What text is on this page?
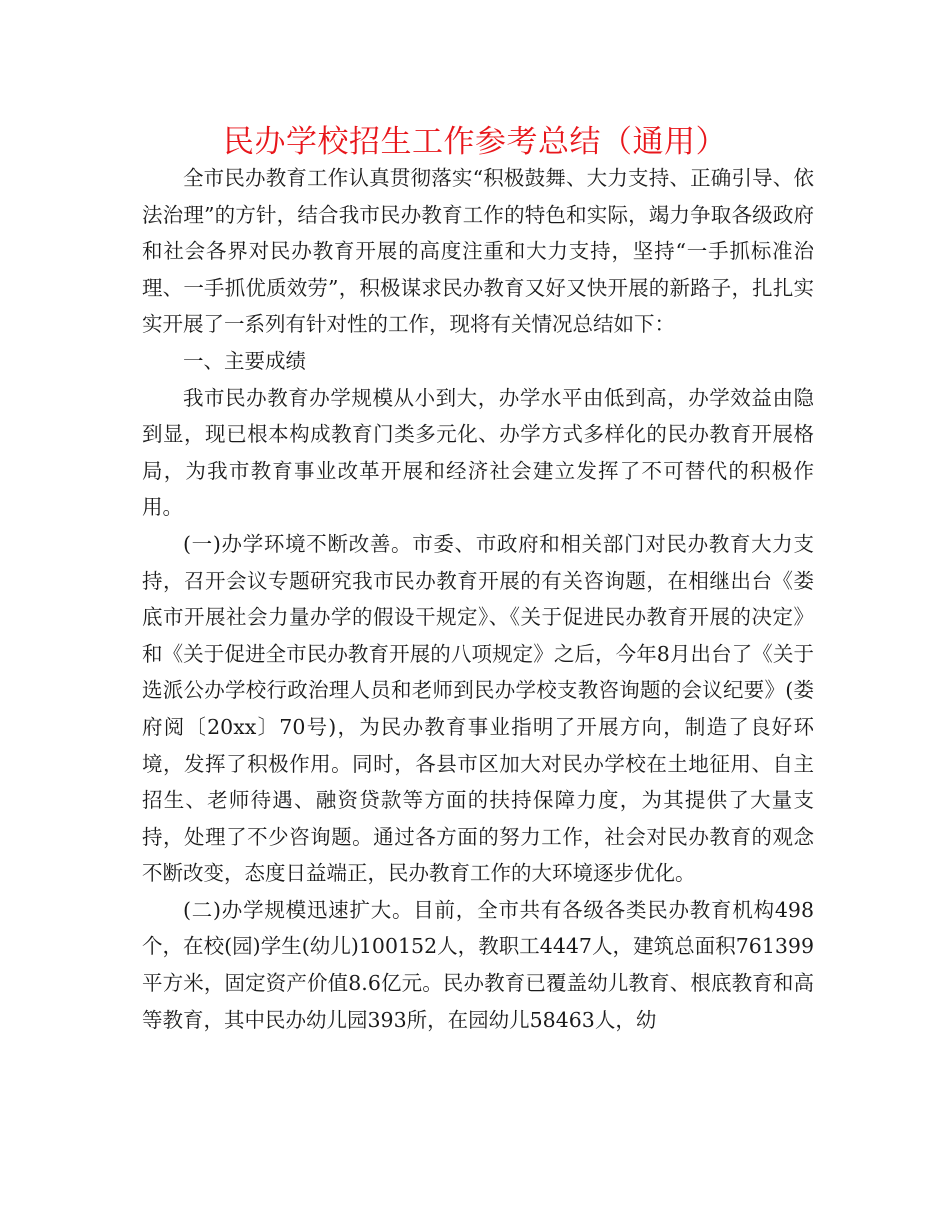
民办学校招生工作参考总结（通用）

全市民办教育工作认真贯彻落实“积极鼓舞、大力支持、正确引导、依法治理”的方针，结合我市民办教育工作的特色和实际，竭力争取各级政府和社会各界对民办教育开展的高度注重和大力支持，坚持“一手抓标准治理、一手抓优质效劳”，积极谋求民办教育又好又快开展的新路子，扎扎实实开展了一系列有针对性的工作，现将有关情况总结如下：

一、主要成绩

我市民办教育办学规模从小到大，办学水平由低到高，办学效益由隐到显，现已根本构成教育门类多元化、办学方式多样化的民办教育开展格局，为我市教育事业改革开展和经济社会建立发挥了不可替代的积极作用。

(一)办学环境不断改善。市委、市政府和相关部门对民办教育大力支持，召开会议专题研究我市民办教育开展的有关咨询题，在相继出台《娄底市开展社会力量办学的假设干规定》、《关于促进民办教育开展的决定》和《关于促进全市民办教育开展的八项规定》之后，今年8月出台了《关于选派公办学校行政治理人员和老师到民办学校支教咨询题的会议纪要》(娄府阅〔20xx〕70号)，为民办教育事业指明了开展方向，制造了良好环境，发挥了积极作用。同时，各县市区加大对民办学校在土地征用、自主招生、老师待遇、融资贷款等方面的扶持保障力度，为其提供了大量支持，处理了不少咨询题。通过各方面的努力工作，社会对民办教育的观念不断改变，态度日益端正，民办教育工作的大环境逐步优化。

(二)办学规模迅速扩大。目前，全市共有各级各类民办教育机构498个，在校(园)学生(幼儿)100152人，教职工4447人，建筑总面积761399平方米，固定资产价值8.6亿元。民办教育已覆盖幼儿教育、根底教育和高等教育，其中民办幼儿园393所，在园幼儿58463人，幼
